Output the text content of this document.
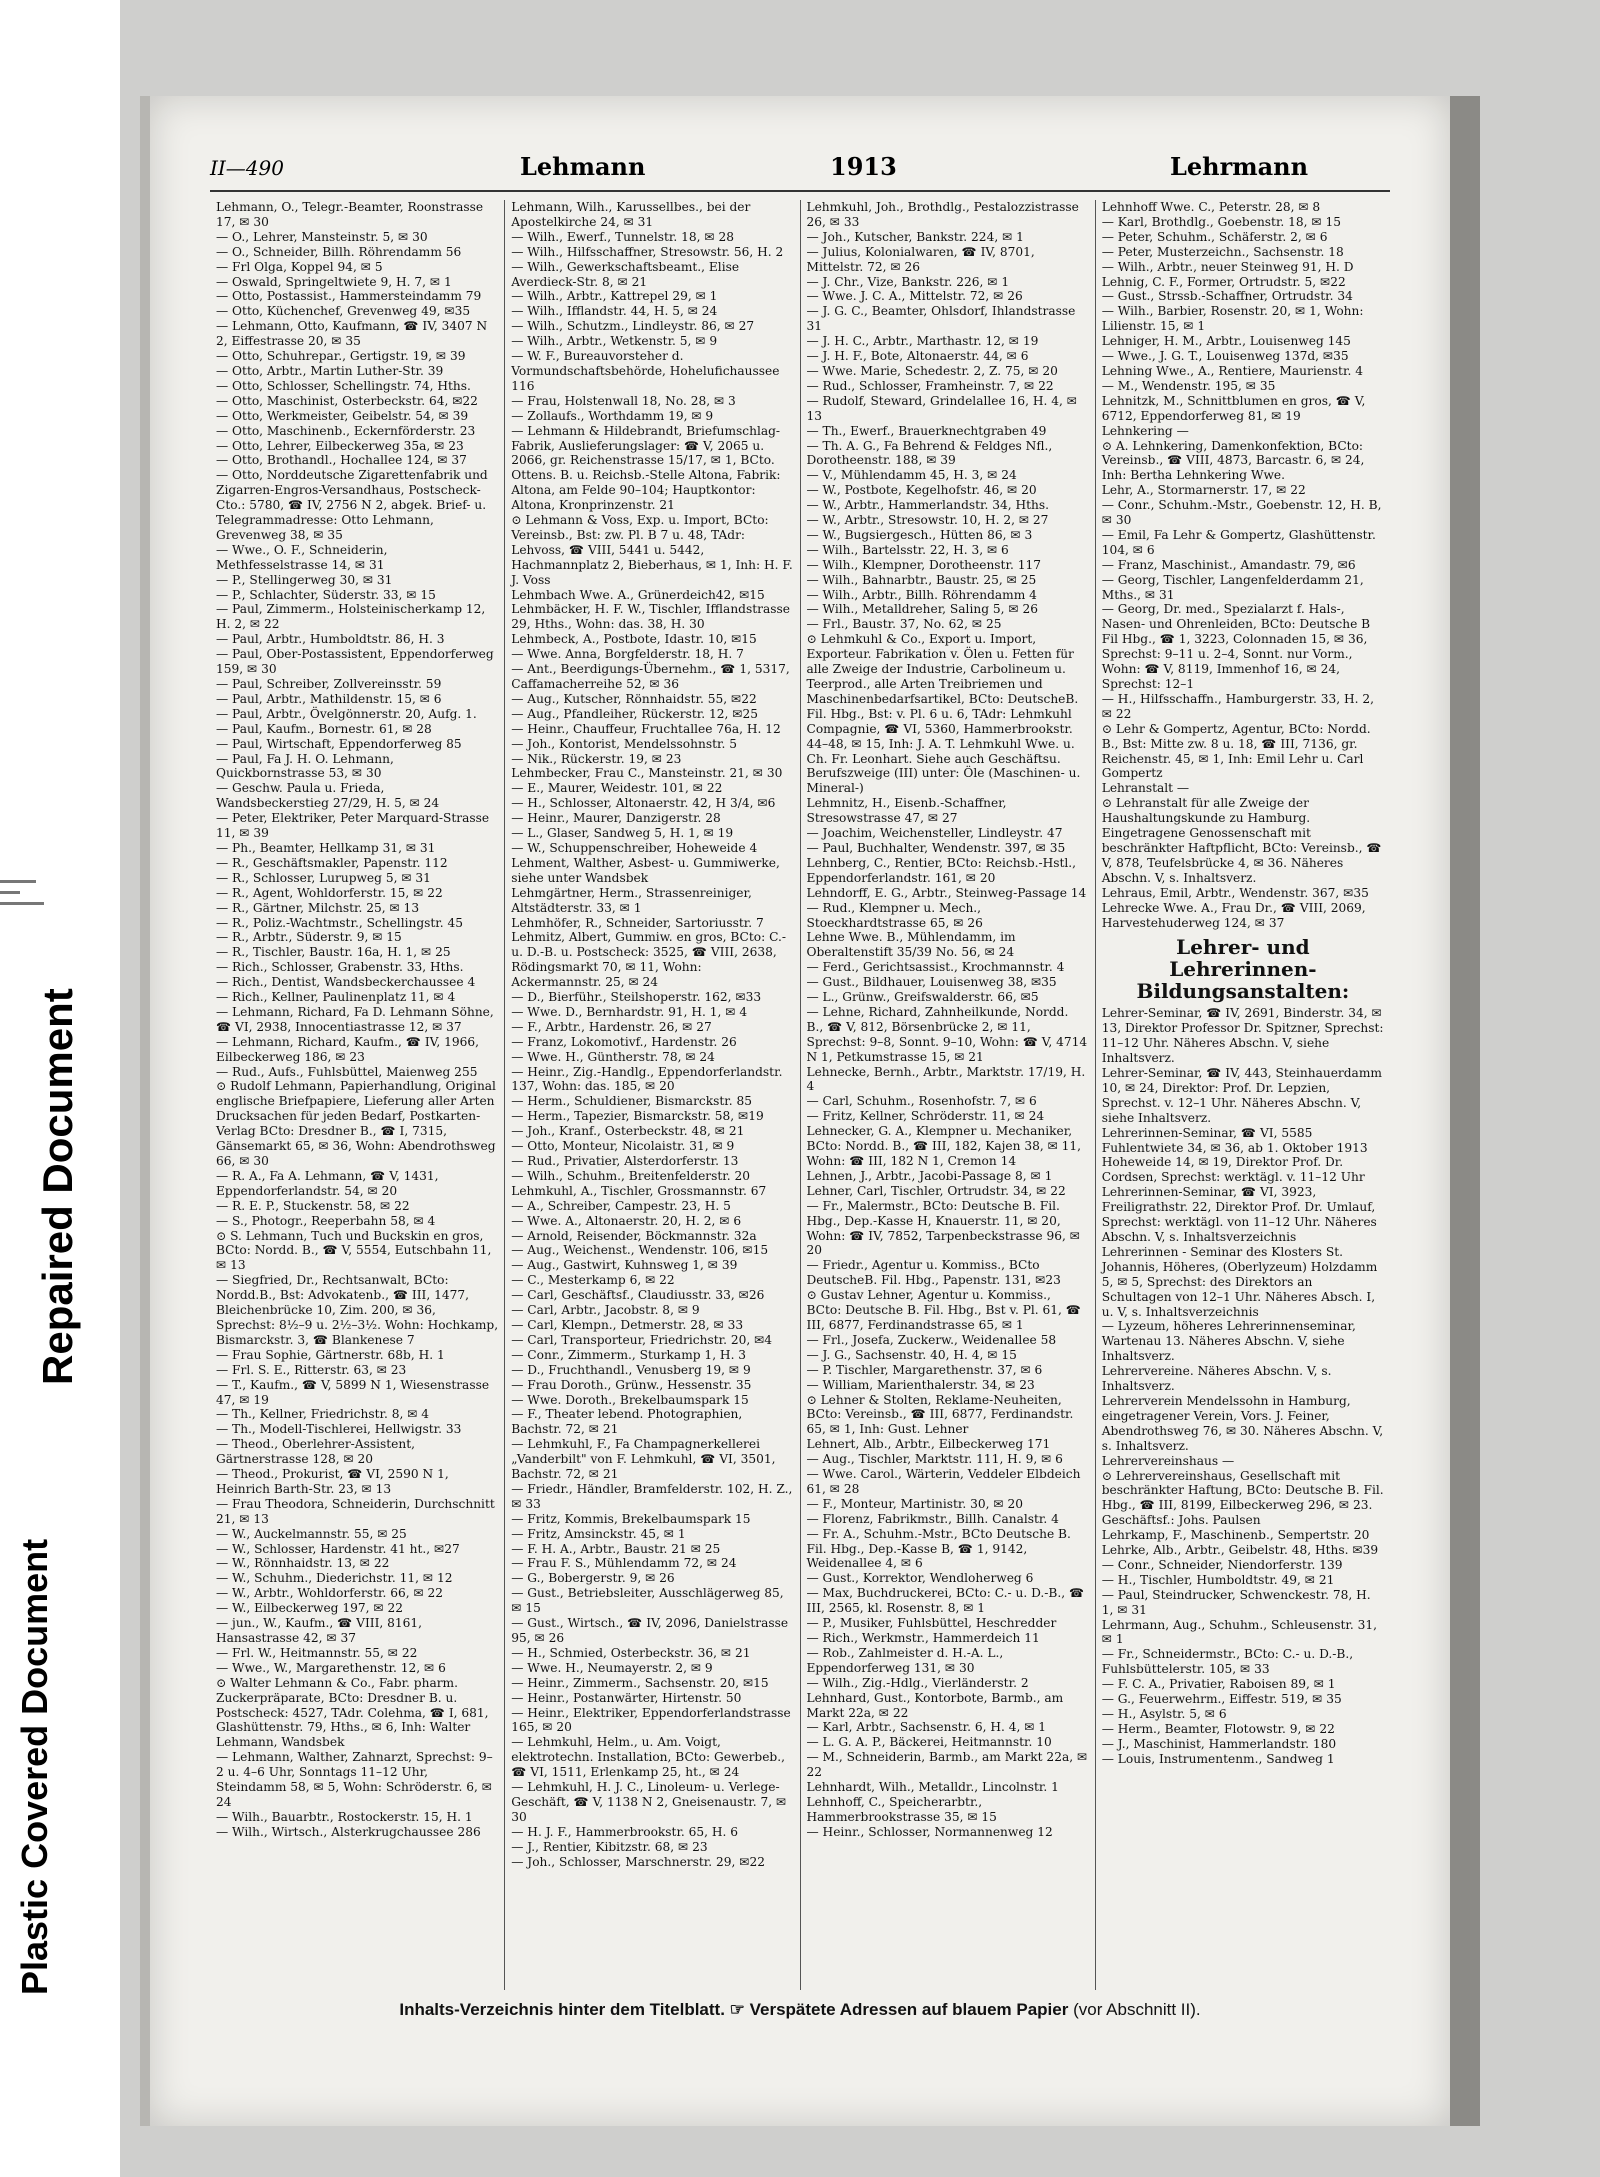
Plastic Covered Document
Repaired Document
II—490	Lehmann	1913	Lehrmann

Lehmann, O., Telegr.-Beamter, Roonstrasse 17, ✉ 30

— O., Lehrer, Mansteinstr. 5, ✉ 30

— O., Schneider, Billh. Röhrendamm 56

— Frl Olga, Koppel 94, ✉ 5

— Oswald, Springeltwiete 9, H. 7, ✉ 1

— Otto, Postassist., Hammersteindamm 79

— Otto, Küchenchef, Grevenweg 49, ✉35

— Lehmann, Otto, Kaufmann, ☎ IV, 3407 N 2, Eiffestrasse 20, ✉ 35

— Otto, Schuhrepar., Gertigstr. 19, ✉ 39

— Otto, Arbtr., Martin Luther-Str. 39

— Otto, Schlosser, Schellingstr. 74, Hths.

— Otto, Maschinist, Osterbeckstr. 64, ✉22

— Otto, Werkmeister, Geibelstr. 54, ✉ 39

— Otto, Maschinenb., Eckernförderstr. 23

— Otto, Lehrer, Eilbeckerweg 35a, ✉ 23

— Otto, Brothandl., Hochallee 124, ✉ 37

— Otto, Norddeutsche Zigarettenfabrik und Zigarren-Engros-Versandhaus, Postscheck-Cto.: 5780, ☎ IV, 2756 N 2, abgek. Brief- u. Telegrammadresse: Otto Lehmann, Grevenweg 38, ✉ 35

— Wwe., O. F., Schneiderin, Methfesselstrasse 14, ✉ 31

— P., Stellingerweg 30, ✉ 31

— P., Schlachter, Süderstr. 33, ✉ 15

— Paul, Zimmerm., Holsteinischerkamp 12, H. 2, ✉ 22

— Paul, Arbtr., Humboldtstr. 86, H. 3

— Paul, Ober-Postassistent, Eppendorferweg 159, ✉ 30

— Paul, Schreiber, Zollvereinsstr. 59

— Paul, Arbtr., Mathildenstr. 15, ✉ 6

— Paul, Arbtr., Övelgönnerstr. 20, Aufg. 1.

— Paul, Kaufm., Bornestr. 61, ✉ 28

— Paul, Wirtschaft, Eppendorferweg 85

— Paul, Fa J. H. O. Lehmann, Quickbornstrasse 53, ✉ 30

— Geschw. Paula u. Frieda, Wandsbeckerstieg 27/29, H. 5, ✉ 24

— Peter, Elektriker, Peter Marquard-Strasse 11, ✉ 39

— Ph., Beamter, Hellkamp 31, ✉ 31

— R., Geschäftsmakler, Papenstr. 112

— R., Schlosser, Lurupweg 5, ✉ 31

— R., Agent, Wohldorferstr. 15, ✉ 22

— R., Gärtner, Milchstr. 25, ✉ 13

— R., Poliz.-Wachtmstr., Schellingstr. 45

— R., Arbtr., Süderstr. 9, ✉ 15

— R., Tischler, Baustr. 16a, H. 1, ✉ 25

— Rich., Schlosser, Grabenstr. 33, Hths.

— Rich., Dentist, Wandsbeckerchaussee 4

— Rich., Kellner, Paulinenplatz 11, ✉ 4

— Lehmann, Richard, Fa D. Lehmann Söhne, ☎ VI, 2938, Innocentiastrasse 12, ✉ 37

— Lehmann, Richard, Kaufm., ☎ IV, 1966, Eilbeckerweg 186, ✉ 23

— Rud., Aufs., Fuhlsbüttel, Maienweg 255

⊙ Rudolf Lehmann, Papierhandlung, Original englische Briefpapiere, Lieferung aller Arten Drucksachen für jeden Bedarf, Postkarten-Verlag BCto: Dresdner B., ☎ I, 7315, Gänsemarkt 65, ✉ 36, Wohn: Abendrothsweg 66, ✉ 30

— R. A., Fa A. Lehmann, ☎ V, 1431, Eppendorferlandstr. 54, ✉ 20

— R. E. P., Stuckenstr. 58, ✉ 22

— S., Photogr., Reeperbahn 58, ✉ 4

⊙ S. Lehmann, Tuch und Buckskin en gros, BCto: Nordd. B., ☎ V, 5554, Eutschbahn 11, ✉ 13

— Siegfried, Dr., Rechtsanwalt, BCto: Nordd.B., Bst: Advokatenb., ☎ III, 1477, Bleichenbrücke 10, Zim. 200, ✉ 36, Sprechst: 8½–9 u. 2½–3½. Wohn: Hochkamp, Bismarckstr. 3, ☎ Blankenese 7

— Frau Sophie, Gärtnerstr. 68b, H. 1

— Frl. S. E., Ritterstr. 63, ✉ 23

— T., Kaufm., ☎ V, 5899 N 1, Wiesenstrasse 47, ✉ 19

— Th., Kellner, Friedrichstr. 8, ✉ 4

— Th., Modell-Tischlerei, Hellwigstr. 33

— Theod., Oberlehrer-Assistent, Gärtnerstrasse 128, ✉ 20

— Theod., Prokurist, ☎ VI, 2590 N 1, Heinrich Barth-Str. 23, ✉ 13

— Frau Theodora, Schneiderin, Durchschnitt 21, ✉ 13

— W., Auckelmannstr. 55, ✉ 25

— W., Schlosser, Hardenstr. 41 ht., ✉27

— W., Rönnhaidstr. 13, ✉ 22

— W., Schuhm., Diederichstr. 11, ✉ 12

— W., Arbtr., Wohldorferstr. 66, ✉ 22

— W., Eilbeckerweg 197, ✉ 22

— jun., W., Kaufm., ☎ VIII, 8161, Hansastrasse 42, ✉ 37

— Frl. W., Heitmannstr. 55, ✉ 22

— Wwe., W., Margarethenstr. 12, ✉ 6

⊙ Walter Lehmann & Co., Fabr. pharm. Zuckerpräparate, BCto: Dresdner B. u. Postscheck: 4527, TAdr. Colehma, ☎ I, 681, Glashüttenstr. 79, Hths., ✉ 6, Inh: Walter Lehmann, Wandsbek

— Lehmann, Walther, Zahnarzt, Sprechst: 9–2 u. 4–6 Uhr, Sonntags 11–12 Uhr, Steindamm 58, ✉ 5, Wohn: Schröderstr. 6, ✉24

— Wilh., Bauarbtr., Rostockerstr. 15, H. 1

— Wilh., Wirtsch., Alsterkrugchaussee 286

Lehmann, Wilh., Karussellbes., bei der Apostelkirche 24, ✉ 31

— Wilh., Ewerf., Tunnelstr. 18, ✉ 28

— Wilh., Hilfsschaffner, Stresowstr. 56, H. 2

— Wilh., Gewerkschaftsbeamt., Elise Averdieck-Str. 8, ✉ 21

— Wilh., Arbtr., Kattrepel 29, ✉ 1

— Wilh., Ifflandstr. 44, H. 5, ✉ 24

— Wilh., Schutzm., Lindleystr. 86, ✉ 27

— Wilh., Arbtr., Wetkenstr. 5, ✉ 9

— W. F., Bureauvorsteher d. Vormundschaftsbehörde, Hohelufichaussee 116

— Frau, Holstenwall 18, No. 28, ✉ 3

— Zollaufs., Worthdamm 19, ✉ 9

— Lehmann & Hildebrandt, Briefumschlag-Fabrik, Auslieferungslager: ☎ V, 2065 u. 2066, gr. Reichenstrasse 15/17, ✉ 1, BCto. Ottens. B. u. Reichsb.-Stelle Altona, Fabrik: Altona, am Felde 90–104; Hauptkontor: Altona, Kronprinzenstr. 21

⊙ Lehmann & Voss, Exp. u. Import, BCto: Vereinsb., Bst: zw. Pl. B 7 u. 48, TAdr: Lehvoss, ☎ VIII, 5441 u. 5442, Hachmannplatz 2, Bieberhaus, ✉ 1, Inh: H. F. J. Voss

Lehmbach Wwe. A., Grünerdeich42, ✉15

Lehmbäcker, H. F. W., Tischler, Ifflandstrasse 29, Hths., Wohn: das. 38, H. 30

Lehmbeck, A., Postbote, Idastr. 10, ✉15

— Wwe. Anna, Borgfelderstr. 18, H. 7

— Ant., Beerdigungs-Übernehm., ☎ 1, 5317, Caffamacherreihe 52, ✉ 36

— Aug., Kutscher, Rönnhaidstr. 55, ✉22

— Aug., Pfandleiher, Rückerstr. 12, ✉25

— Heinr., Chauffeur, Fruchtallee 76a, H. 12

— Joh., Kontorist, Mendelssohnstr. 5

— Nik., Rückerstr. 19, ✉ 23

Lehmbecker, Frau C., Mansteinstr. 21, ✉ 30

— E., Maurer, Weidestr. 101, ✉ 22

— H., Schlosser, Altonaerstr. 42, H 3/4, ✉6

— Heinr., Maurer, Danzigerstr. 28

— L., Glaser, Sandweg 5, H. 1, ✉ 19

— W., Schuppenschreiber, Hoheweide 4

Lehment, Walther, Asbest- u. Gummiwerke, siehe unter Wandsbek

Lehmgärtner, Herm., Strassenreiniger, Altstädterstr. 33, ✉ 1

Lehmhöfer, R., Schneider, Sartoriusstr. 7

Lehmitz, Albert, Gummiw. en gros, BCto: C.-u. D.-B. u. Postscheck: 3525, ☎ VIII, 2638, Rödingsmarkt 70, ✉ 11, Wohn: Ackermannstr. 25, ✉ 24

— D., Bierführ., Steilshoperstr. 162, ✉33

— Wwe. D., Bernhardstr. 91, H. 1, ✉ 4

— F., Arbtr., Hardenstr. 26, ✉ 27

— Franz, Lokomotivf., Hardenstr. 26

— Wwe. H., Güntherstr. 78, ✉ 24

— Heinr., Zig.-Handlg., Eppendorferlandstr. 137, Wohn: das. 185, ✉ 20

— Herm., Schuldiener, Bismarckstr. 85

— Herm., Tapezier, Bismarckstr. 58, ✉19

— Joh., Kranf., Osterbeckstr. 48, ✉ 21

— Otto, Monteur, Nicolaistr. 31, ✉ 9

— Rud., Privatier, Alsterdorferstr. 13

— Wilh., Schuhm., Breitenfelderstr. 20

Lehmkuhl, A., Tischler, Grossmannstr. 67

— A., Schreiber, Campestr. 23, H. 5

— Wwe. A., Altonaerstr. 20, H. 2, ✉ 6

— Arnold, Reisender, Böckmannstr. 32a

— Aug., Weichenst., Wendenstr. 106, ✉15

— Aug., Gastwirt, Kuhnsweg 1, ✉ 39

— C., Mesterkamp 6, ✉ 22

— Carl, Geschäftsf., Claudiusstr. 33, ✉26

— Carl, Arbtr., Jacobstr. 8, ✉ 9

— Carl, Klempn., Detmerstr. 28, ✉ 33

— Carl, Transporteur, Friedrichstr. 20, ✉4

— Conr., Zimmerm., Sturkamp 1, H. 3

— D., Fruchthandl., Venusberg 19, ✉ 9

— Frau Doroth., Grünw., Hessenstr. 35

— Wwe. Doroth., Brekelbaumspark 15

— F., Theater lebend. Photographien, Bachstr. 72, ✉ 21

— Lehmkuhl, F., Fa Champagnerkellerei „Vanderbilt" von F. Lehmkuhl, ☎ VI, 3501, Bachstr. 72, ✉ 21

— Friedr., Händler, Bramfelderstr. 102, H. Z., ✉ 33

— Fritz, Kommis, Brekelbaumspark 15

— Fritz, Amsinckstr. 45, ✉ 1

— F. H. A., Arbtr., Baustr. 21 ✉ 25

— Frau F. S., Mühlendamm 72, ✉ 24

— G., Bobergerstr. 9, ✉ 26

— Gust., Betriebsleiter, Ausschlägerweg 85, ✉ 15

— Gust., Wirtsch., ☎ IV, 2096, Danielstrasse 95, ✉ 26

— H., Schmied, Osterbeckstr. 36, ✉ 21

— Wwe. H., Neumayerstr. 2, ✉ 9

— Heinr., Zimmerm., Sachsenstr. 20, ✉15

— Heinr., Postanwärter, Hirtenstr. 50

— Heinr., Elektriker, Eppendorferlandstrasse 165, ✉ 20

— Lehmkuhl, Helm., u. Am. Voigt, elektrotechn. Installation, BCto: Gewerbeb., ☎ VI, 1511, Erlenkamp 25, ht., ✉ 24

— Lehmkuhl, H. J. C., Linoleum- u. Verlege-Geschäft, ☎ V, 1138 N 2, Gneisenaustr. 7, ✉ 30

— H. J. F., Hammerbrookstr. 65, H. 6

— J., Rentier, Kibitzstr. 68, ✉ 23

— Joh., Schlosser, Marschnerstr. 29, ✉22

Lehmkuhl, Joh., Brothdlg., Pestalozzistrasse 26, ✉ 33

— Joh., Kutscher, Bankstr. 224, ✉ 1

— Julius, Kolonialwaren, ☎ IV, 8701, Mittelstr. 72, ✉ 26

— J. Chr., Vize, Bankstr. 226, ✉ 1

— Wwe. J. C. A., Mittelstr. 72, ✉ 26

— J. G. C., Beamter, Ohlsdorf, Ihlandstrasse 31

— J. H. C., Arbtr., Marthastr. 12, ✉ 19

— J. H. F., Bote, Altonaerstr. 44, ✉ 6

— Wwe. Marie, Schedestr. 2, Z. 75, ✉ 20

— Rud., Schlosser, Framheinstr. 7, ✉ 22

— Rudolf, Steward, Grindelallee 16, H. 4, ✉ 13

— Th., Ewerf., Brauerknechtgraben 49

— Th. A. G., Fa Behrend & Feldges Nfl., Dorotheenstr. 188, ✉ 39

— V., Mühlendamm 45, H. 3, ✉ 24

— W., Postbote, Kegelhofstr. 46, ✉ 20

— W., Arbtr., Hammerlandstr. 34, Hths.

— W., Arbtr., Stresowstr. 10, H. 2, ✉ 27

— W., Bugsiergesch., Hütten 86, ✉ 3

— Wilh., Bartelsstr. 22, H. 3, ✉ 6

— Wilh., Klempner, Dorotheenstr. 117

— Wilh., Bahnarbtr., Baustr. 25, ✉ 25

— Wilh., Arbtr., Billh. Röhrendamm 4

— Wilh., Metalldreher, Saling 5, ✉ 26

— Frl., Baustr. 37, No. 62, ✉ 25

⊙ Lehmkuhl & Co., Export u. Import, Exporteur. Fabrikation v. Ölen u. Fetten für alle Zweige der Industrie, Carbolineum u. Teerprod., alle Arten Treibriemen und Maschinenbedarfsartikel, BCto: DeutscheB. Fil. Hbg., Bst: v. Pl. 6 u. 6, TAdr: Lehmkuhl Compagnie, ☎ VI, 5360, Hammerbrookstr. 44–48, ✉ 15, Inh: J. A. T. Lehmkuhl Wwe. u. Ch. Fr. Leonhart. Siehe auch Geschäftsu. Berufszweige (III) unter: Öle (Maschinen- u. Mineral-)

Lehmnitz, H., Eisenb.-Schaffner, Stresowstrasse 47, ✉ 27

— Joachim, Weichensteller, Lindleystr. 47

— Paul, Buchhalter, Wendenstr. 397, ✉ 35

Lehnberg, C., Rentier, BCto: Reichsb.-Hstl., Eppendorferlandstr. 161, ✉ 20

Lehndorff, E. G., Arbtr., Steinweg-Passage 14

— Rud., Klempner u. Mech., Stoeckhardtstrasse 65, ✉ 26

Lehne Wwe. B., Mühlendamm, im Oberaltenstift 35/39 No. 56, ✉ 24

— Ferd., Gerichtsassist., Krochmannstr. 4

— Gust., Bildhauer, Louisenweg 38, ✉35

— L., Grünw., Greifswalderstr. 66, ✉5

— Lehne, Richard, Zahnheilkunde, Nordd. B., ☎ V, 812, Börsenbrücke 2, ✉ 11, Sprechst: 9–8, Sonnt. 9–10, Wohn: ☎ V, 4714 N 1, Petkumstrasse 15, ✉ 21

Lehnecke, Bernh., Arbtr., Marktstr. 17/19, H. 4

— Carl, Schuhm., Rosenhofstr. 7, ✉ 6

— Fritz, Kellner, Schröderstr. 11, ✉ 24

Lehnecker, G. A., Klempner u. Mechaniker, BCto: Nordd. B., ☎ III, 182, Kajen 38, ✉ 11, Wohn: ☎ III, 182 N 1, Cremon 14

Lehnen, J., Arbtr., Jacobi-Passage 8, ✉ 1

Lehner, Carl, Tischler, Ortrudstr. 34, ✉ 22

— Fr., Malermstr., BCto: Deutsche B. Fil. Hbg., Dep.-Kasse H, Knauerstr. 11, ✉ 20, Wohn: ☎ IV, 7852, Tarpenbeckstrasse 96, ✉ 20

— Friedr., Agentur u. Kommiss., BCto DeutscheB. Fil. Hbg., Papenstr. 131, ✉23

⊙ Gustav Lehner, Agentur u. Kommiss., BCto: Deutsche B. Fil. Hbg., Bst v. Pl. 61, ☎ III, 6877, Ferdinandstrasse 65, ✉ 1

— Frl., Josefa, Zuckerw., Weidenallee 58

— J. G., Sachsenstr. 40, H. 4, ✉ 15

— P. Tischler, Margarethenstr. 37, ✉ 6

— William, Marienthalerstr. 34, ✉ 23

⊙ Lehner & Stolten, Reklame-Neuheiten, BCto: Vereinsb., ☎ III, 6877, Ferdinandstr. 65, ✉ 1, Inh: Gust. Lehner

Lehnert, Alb., Arbtr., Eilbeckerweg 171

— Aug., Tischler, Marktstr. 111, H. 9, ✉ 6

— Wwe. Carol., Wärterin, Veddeler Elbdeich 61, ✉ 28

— F., Monteur, Martinistr. 30, ✉ 20

— Florenz, Fabrikmstr., Billh. Canalstr. 4

— Fr. A., Schuhm.-Mstr., BCto Deutsche B. Fil. Hbg., Dep.-Kasse B, ☎ 1, 9142, Weidenallee 4, ✉ 6

— Gust., Korrektor, Wendloherweg 6

— Max, Buchdruckerei, BCto: C.- u. D.-B., ☎ III, 2565, kl. Rosenstr. 8, ✉ 1

— P., Musiker, Fuhlsbüttel, Heschredder

— Rich., Werkmstr., Hammerdeich 11

— Rob., Zahlmeister d. H.-A. L., Eppendorferweg 131, ✉ 30

— Wilh., Zig.-Hdlg., Vierländerstr. 2

Lehnhard, Gust., Kontorbote, Barmb., am Markt 22a, ✉ 22

— Karl, Arbtr., Sachsenstr. 6, H. 4, ✉ 1

— L. G. A. P., Bäckerei, Heitmannstr. 10

— M., Schneiderin, Barmb., am Markt 22a, ✉ 22

Lehnhardt, Wilh., Metalldr., Lincolnstr. 1

Lehnhoff, C., Speicherarbtr., Hammerbrookstrasse 35, ✉ 15

— Heinr., Schlosser, Normannenweg 12

Lehnhoff Wwe. C., Peterstr. 28, ✉ 8

— Karl, Brothdlg., Goebenstr. 18, ✉ 15

— Peter, Schuhm., Schäferstr. 2, ✉ 6

— Peter, Musterzeichn., Sachsenstr. 18

— Wilh., Arbtr., neuer Steinweg 91, H. D

Lehnig, C. F., Former, Ortrudstr. 5, ✉22

— Gust., Strssb.-Schaffner, Ortrudstr. 34

— Wilh., Barbier, Rosenstr. 20, ✉ 1, Wohn: Lilienstr. 15, ✉ 1

Lehniger, H. M., Arbtr., Louisenweg 145

— Wwe., J. G. T., Louisenweg 137d, ✉35

Lehning Wwe., A., Rentiere, Maurienstr. 4

— M., Wendenstr. 195, ✉ 35

Lehnitzk, M., Schnittblumen en gros, ☎ V, 6712, Eppendorferweg 81, ✉ 19

Lehnkering —

⊙ A. Lehnkering, Damenkonfektion, BCto: Vereinsb., ☎ VIII, 4873, Barcastr. 6, ✉ 24, Inh: Bertha Lehnkering Wwe.

Lehr, A., Stormarnerstr. 17, ✉ 22

— Conr., Schuhm.-Mstr., Goebenstr. 12, H. B, ✉ 30

— Emil, Fa Lehr & Gompertz, Glashüttenstr. 104, ✉ 6

— Franz, Maschinist., Amandastr. 79, ✉6

— Georg, Tischler, Langenfelderdamm 21, Mths., ✉ 31

— Georg, Dr. med., Spezialarzt f. Hals-, Nasen- und Ohrenleiden, BCto: Deutsche B Fil Hbg., ☎ 1, 3223, Colonnaden 15, ✉ 36, Sprechst: 9–11 u. 2–4, Sonnt. nur Vorm., Wohn: ☎ V, 8119, Immenhof 16, ✉ 24, Sprechst: 12–1

— H., Hilfsschaffn., Hamburgerstr. 33, H. 2, ✉ 22

⊙ Lehr & Gompertz, Agentur, BCto: Nordd. B., Bst: Mitte zw. 8 u. 18, ☎ III, 7136, gr. Reichenstr. 45, ✉ 1, Inh: Emil Lehr u. Carl Gompertz

Lehranstalt —

⊙ Lehranstalt für alle Zweige der Haushaltungskunde zu Hamburg. Eingetragene Genossenschaft mit beschränkter Haftpflicht, BCto: Vereinsb., ☎ V, 878, Teufelsbrücke 4, ✉ 36. Näheres Abschn. V, s. Inhaltsverz.

Lehraus, Emil, Arbtr., Wendenstr. 367, ✉35

Lehrecke Wwe. A., Frau Dr., ☎ VIII, 2069, Harvestehuderweg 124, ✉ 37

Lehrer- und Lehrerinnen-Bildungsanstalten:

Lehrer-Seminar, ☎ IV, 2691, Binderstr. 34, ✉ 13, Direktor Professor Dr. Spitzner, Sprechst: 11–12 Uhr. Näheres Abschn. V, siehe Inhaltsverz.

Lehrer-Seminar, ☎ IV, 443, Steinhauerdamm 10, ✉ 24, Direktor: Prof. Dr. Lepzien, Sprechst. v. 12–1 Uhr. Näheres Abschn. V, siehe Inhaltsverz.

Lehrerinnen-Seminar, ☎ VI, 5585 Fuhlentwiete 34, ✉ 36, ab 1. Oktober 1913 Hoheweide 14, ✉ 19, Direktor Prof. Dr. Cordsen, Sprechst: werktägl. v. 11–12 Uhr

Lehrerinnen-Seminar, ☎ VI, 3923, Freiligrathstr. 22, Direktor Prof. Dr. Umlauf, Sprechst: werktägl. von 11–12 Uhr. Näheres Abschn. V, s. Inhaltsverzeichnis

Lehrerinnen - Seminar des Klosters St. Johannis, Höheres, (Oberlyzeum) Holzdamm 5, ✉ 5, Sprechst: des Direktors an Schultagen von 12–1 Uhr. Näheres Absch. I, u. V, s. Inhaltsverzeichnis

— Lyzeum, höheres Lehrerinnenseminar, Wartenau 13. Näheres Abschn. V, siehe Inhaltsverz.

Lehrervereine. Näheres Abschn. V, s. Inhaltsverz.

Lehrerverein Mendelssohn in Hamburg, eingetragener Verein, Vors. J. Feiner, Abendrothsweg 76, ✉ 30. Näheres Abschn. V, s. Inhaltsverz.

Lehrervereinshaus —

⊙ Lehrervereinshaus, Gesellschaft mit beschränkter Haftung, BCto: Deutsche B. Fil. Hbg., ☎ III, 8199, Eilbeckerweg 296, ✉ 23. Geschäftsf.: Johs. Paulsen

Lehrkamp, F., Maschinenb., Sempertstr. 20

Lehrke, Alb., Arbtr., Geibelstr. 48, Hths. ✉39

— Conr., Schneider, Niendorferstr. 139

— H., Tischler, Humboldtstr. 49, ✉ 21

— Paul, Steindrucker, Schwenckestr. 78, H. 1, ✉ 31

Lehrmann, Aug., Schuhm., Schleusenstr. 31, ✉ 1

— Fr., Schneidermstr., BCto: C.- u. D.-B., Fuhlsbüttelerstr. 105, ✉ 33

— F. C. A., Privatier, Raboisen 89, ✉ 1

— G., Feuerwehrm., Eiffestr. 519, ✉ 35

— H., Asylstr. 5, ✉ 6

— Herm., Beamter, Flotowstr. 9, ✉ 22

— J., Maschinist, Hammerlandstr. 180

— Louis, Instrumentenm., Sandweg 1

Inhalts-Verzeichnis hinter dem Titelblatt. ☞ Verspätete Adressen auf blauem Papier (vor Abschnitt II).
